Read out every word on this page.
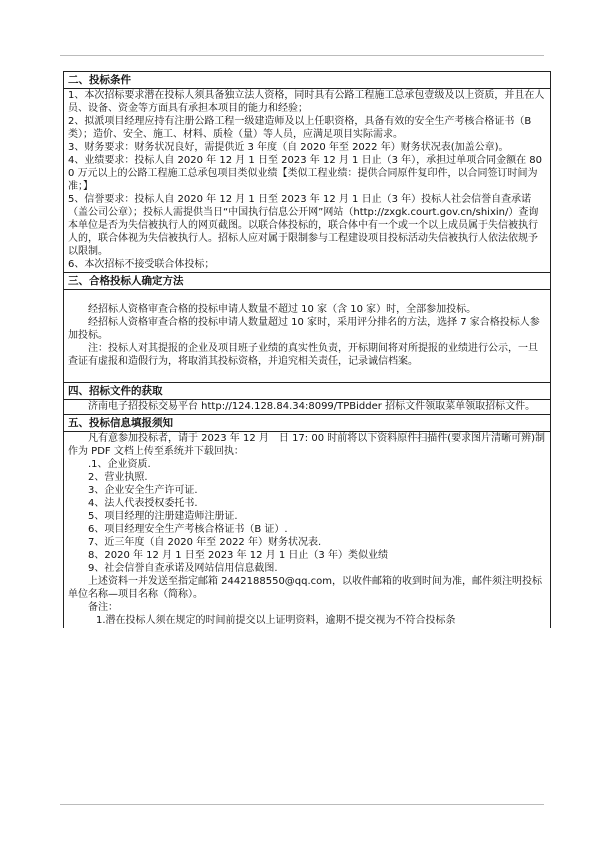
二、投标条件

1、本次招标要求潜在投标人须具备独立法人资格，同时具有公路工程施工总承包壹级及以上资质，并且在人员、设备、资金等方面具有承担本项目的能力和经验；

2、拟派项目经理应持有注册公路工程一级建造师及以上任职资格，具备有效的安全生产考核合格证书（B 类）；造价、安全、施工、材料、质检（量）等人员，应满足项目实际需求。

3、财务要求：财务状况良好，需提供近 3 年度（自 2020 年至 2022 年）财务状况表(加盖公章)。

4、业绩要求：投标人自 2020 年 12 月 1 日至 2023 年 12 月 1 日止（3 年），承担过单项合同金额在 800 万元以上的公路工程施工总承包项目类似业绩【类似工程业绩：提供合同原件复印件，以合同签订时间为准；】

5、信誉要求：投标人自 2020 年 12 月 1 日至 2023 年 12 月 1 日止（3 年）投标人社会信誉自查承诺（盖公司公章）；投标人需提供当日“中国执行信息公开网”网站（http://zxgk.court.gov.cn/shixin/）查询本单位是否为失信被执行人的网页截图。以联合体投标的，联合体中有一个或一个以上成员属于失信被执行人的，联合体视为失信被执行人。招标人应对属于限制参与工程建设项目投标活动失信被执行人依法依规予以限制。

6、本次招标不接受联合体投标；

三、合格投标人确定方法

经招标人资格审查合格的投标申请人数量不超过 10 家（含 10 家）时，全部参加投标。

经招标人资格审查合格的投标申请人数量超过 10 家时，采用评分排名的方法，选择 7 家合格投标人参加投标。

注：投标人对其提报的企业及项目班子业绩的真实性负责，开标期间将对所提报的业绩进行公示，一旦查证有虚报和造假行为，将取消其投标资格，并追究相关责任，记录诚信档案。

四、招标文件的获取

济南电子招投标交易平台 http://124.128.84.34:8099/TPBidder 招标文件领取菜单领取招标文件。

五、投标信息填报须知

凡有意参加投标者，请于 2023 年 12 月　日 17: 00 时前将以下资料原件扫描件(要求图片清晰可辨)制作为 PDF 文档上传至系统并下载回执：

.1、企业资质.

2、营业执照.

3、企业安全生产许可证.

4、法人代表授权委托书.

5、项目经理的注册建造师注册证.

6、项目经理安全生产考核合格证书（B 证）.

7、近三年度（自 2020 年至 2022 年）财务状况表.

8、2020 年 12 月 1 日至 2023 年 12 月 1 日止（3 年）类似业绩

9、社会信誉自查承诺及网站信用信息截图.

上述资料一并发送至指定邮箱 2442188550@qq.com，以收件邮箱的收到时间为准，邮件须注明投标单位名称—项目名称（简称）。

备注：

1.潜在投标人须在规定的时间前提交以上证明资料，逾期不提交视为不符合投标条
